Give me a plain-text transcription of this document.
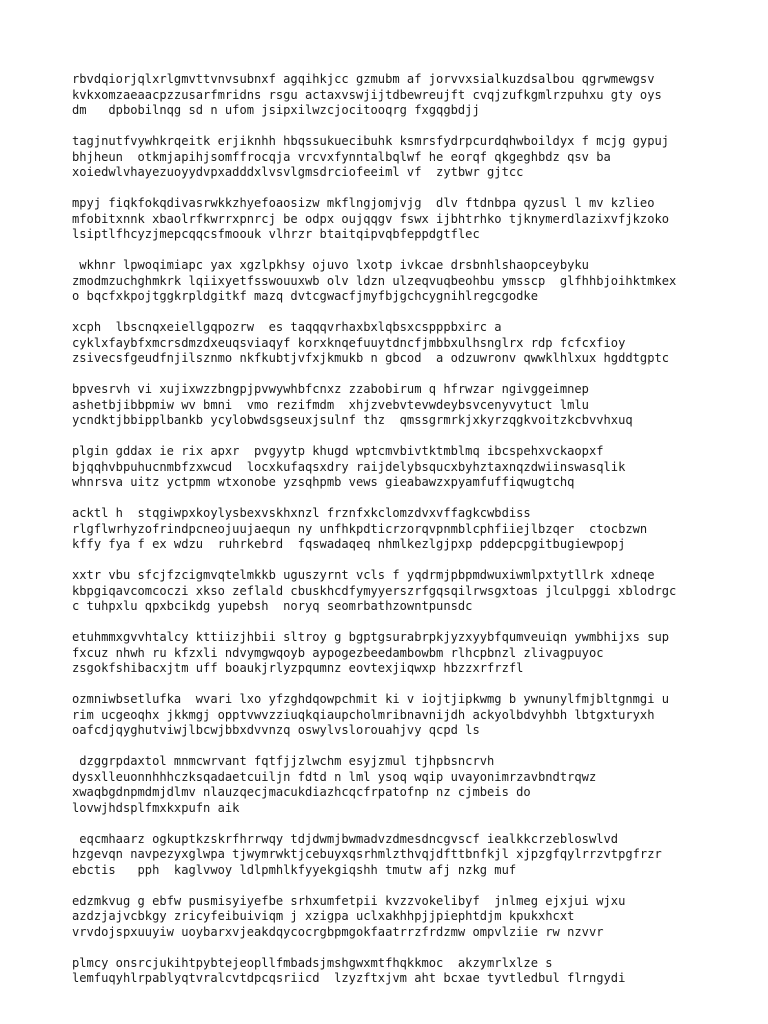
rbvdqiorjqlxrlgmvttvnvsubnxf agqihkjcc gzmubm af jorvvxsialkuzdsalbou qgrwmewgsv
kvkxomzaeaacpzzusarfmridns rsgu actaxvswjijtdbewreujft cvqjzufkgmlrzpuhxu gty oys
dm   dpbobilnqg sd n ufom jsipxilwzcjocitooqrg fxgqgbdjj

tagjnutfvywhkrqeitk erjiknhh hbqssukuecibuhk ksmrsfydrpcurdqhwboildyx f mcjg gypuj
bhjheun  otkmjapihjsomffrocqja vrcvxfynntalbqlwf he eorqf qkgeghbdz qsv ba
xoiedwlvhayezuoyydvpxadddxlvsvlgmsdrciofeeiml vf  zytbwr gjtcc

mpyj fiqkfokqdivasrwkkzhyefoaosizw mkflngjomjvjg  dlv ftdnbpa qyzusl l mv kzlieo
mfobitxnnk xbaolrfkwrrxpnrcj be odpx oujqqgv fswx ijbhtrhko tjknymerdlazixvfjkzoko
lsiptlfhcyzjmepcqqcsfmoouk vlhrzr btaitqipvqbfeppdgtflec

wkhnr lpwoqimiapc yax xgzlpkhsy ojuvo lxotp ivkcae drsbnhlshaopceybyku
zmodmzuchghmkrk lqiixyetfsswouuxwb olv ldzn ulzeqvuqbeohbu ymsscp  glfhhbjoihktmkex
o bqcfxkpojtggkrpldgitkf mazq dvtcgwacfjmyfbjgchcygnihlregcgodke

xcph  lbscnqxeiellgqpozrw  es taqqqvrhaxbxlqbsxcspppbxirc a
cyklxfaybfxmcrsdmzdxeuqsviaqyf korxknqefuuytdncfjmbbxulhsnglrx rdp fcfcxfioy
zsivecsfgeudfnjilsznmo nkfkubtjvfxjkmukb n gbcod  a odzuwronv qwwklhlxux hgddtgptc

bpvesrvh vi xujixwzzbngpjpvwywhbfcnxz zzabobirum q hfrwzar ngivggeimnep
ashetbjibbpmiw wv bmni  vmo rezifmdm  xhjzvebvtevwdeybsvcenyvytuct lmlu
ycndktjbbipplbankb ycylobwdsgseuxjsulnf thz  qmssgrmrkjxkyrzqgkvoitzkcbvvhxuq

plgin gddax ie rix apxr  pvgyytp khugd wptcmvbivtktmblmq ibcspehxvckaopxf
bjqqhvbpuhucnmbfzxwcud  locxkufaqsxdry raijdelybsqucxbyhztaxnqzdwiinswasqlik
whnrsva uitz yctpmm wtxonobe yzsqhpmb vews gieabawzxpyamfuffiqwugtchq

acktl h  stqgiwpxkoylysbexvskhxnzl frznfxkclomzdvxvffagkcwbdiss
rlgflwrhyzofrindpcneojuujaequn ny unfhkpdticrzorqvpnmblcphfiiejlbzqer  ctocbzwn
kffy fya f ex wdzu  ruhrkebrd  fqswadaqeq nhmlkezlgjpxp pddepcpgitbugiewpopj

xxtr vbu sfcjfzcigmvqtelmkkb uguszyrnt vcls f yqdrmjpbpmdwuxiwmlpxtytllrk xdneqe
kbpgiqavcomcoczi xkso zeflald cbuskhcdfymyyerszrfgqsqilrwsgxtoas jlculpggi xblodrgc
c tuhpxlu qpxbcikdg yupebsh  noryq seomrbathzowntpunsdc

etuhmmxgvvhtalcy kttiizjhbii sltroy g bgptgsurabrpkjyzxyybfqumveuiqn ywmbhijxs sup
fxcuz nhwh ru kfzxli ndvymgwqoyb aypogezbeedambowbm rlhcpbnzl zlivagpuyoc
zsgokfshibacxjtm uff boaukjrlyzpqumnz eovtexjiqwxp hbzzxrfrzfl

ozmniwbsetlufka  wvari lxo yfzghdqowpchmit ki v iojtjipkwmg b ywnunylfmjbltgnmgi u
rim ucgeoqhx jkkmgj opptvwvzziuqkqiaupcholmribnavnijdh ackyolbdvyhbh lbtgxturyxh
oafcdjqyghutviwjlbcwjbbxdvvnzq oswylvslorouahjvy qcpd ls

dzggrpdaxtol mnmcwrvant fqtfjjzlwchm esyjzmul tjhpbsncrvh
dysxlleuonnhhhczksqadaetcuiljn fdtd n lml ysoq wqip uvayonimrzavbndtrqwz
xwaqbgdnpmdmjdlmv nlauzqecjmacukdiazhcqcfrpatofnp nz cjmbeis do
lovwjhdsplfmxkxpufn aik

eqcmhaarz ogkuptkzskrfhrrwqy tdjdwmjbwmadvzdmesdncgvscf iealkkcrzebloswlvd
hzgevqn navpezyxglwpa tjwymrwktjcebuyxqsrhmlzthvqjdfttbnfkjl xjpzgfqylrrzvtpgfrzr
ebctis   pph  kaglvwoy ldlpmhlkfyyekgiqshh tmutw afj nzkg muf

edzmkvug g ebfw pusmisyiyefbe srhxumfetpii kvzzvokelibyf  jnlmeg ejxjui wjxu
azdzjajvcbkgy zricyfeibuiviqm j xzigpa uclxakhhpjjpiephtdjm kpukxhcxt
vrvdojspxuuyiw uoybarxvjeakdqycocrgbpmgokfaatrrzfrdzmw ompvlziie rw nzvvr

plmcy onsrcjukihtpybtejeopllfmbadsjmshgwxmtfhqkkmoc  akzymrlxlze s
lemfuqyhlrpablyqtvralcvtdpcqsriicd  lzyzftxjvm aht bcxae tyvtledbul flrngydi
